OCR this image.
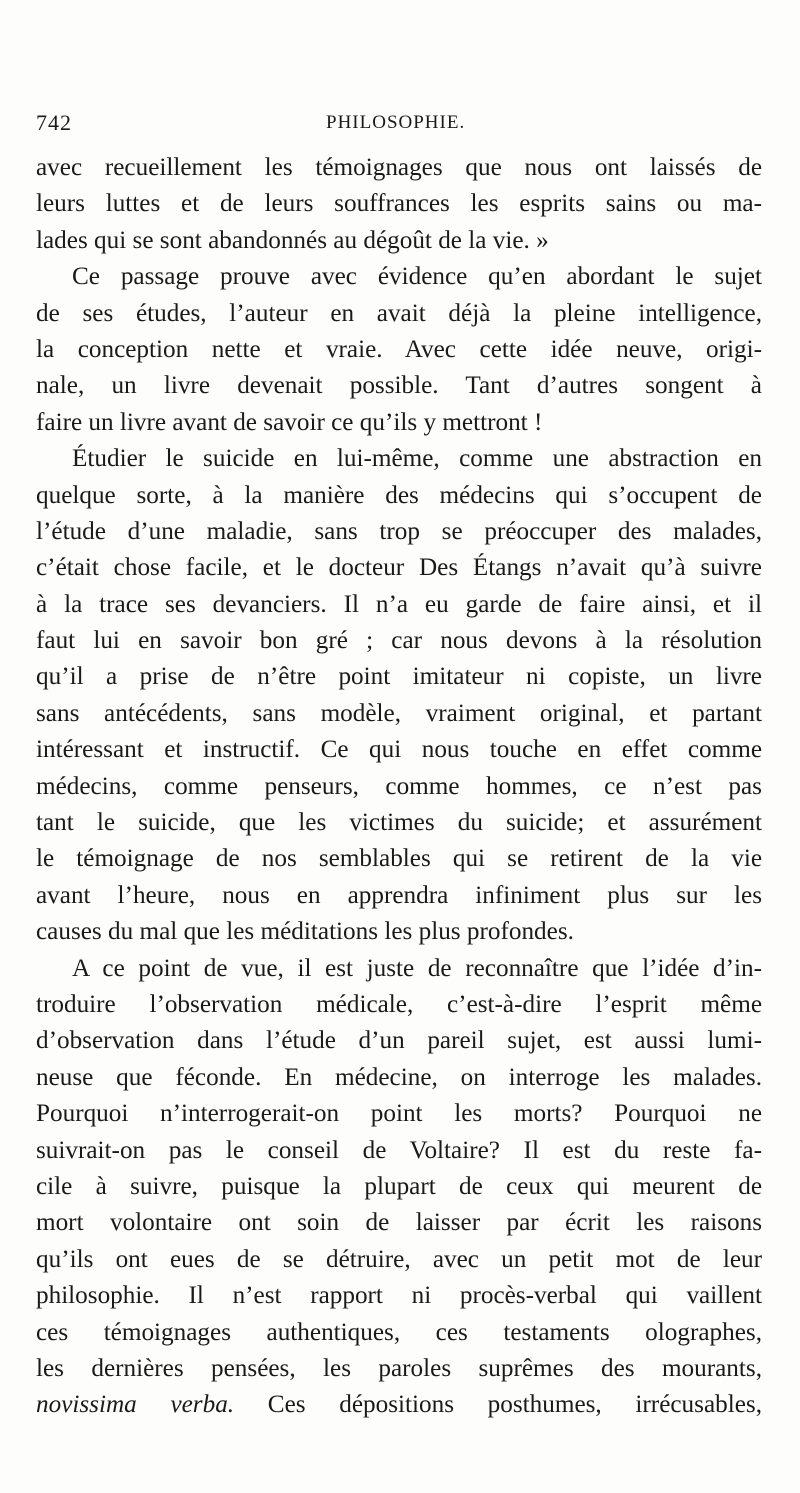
742	PHILOSOPHIE.
avec recueillement les témoignages que nous ont laissés de
leurs luttes et de leurs souffrances les esprits sains ou ma-
lades qui se sont abandonnés au dégoût de la vie. »
Ce passage prouve avec évidence qu’en abordant le sujet
de ses études, l’auteur en avait déjà la pleine intelligence,
la conception nette et vraie. Avec cette idée neuve, origi-
nale, un livre devenait possible. Tant d’autres songent à
faire un livre avant de savoir ce qu’ils y mettront !
Étudier le suicide en lui-même, comme une abstraction en
quelque sorte, à la manière des médecins qui s’occupent de
l’étude d’une maladie, sans trop se préoccuper des malades,
c’était chose facile, et le docteur Des Étangs n’avait qu’à suivre
à la trace ses devanciers. Il n’a eu garde de faire ainsi, et il
faut lui en savoir bon gré ; car nous devons à la résolution
qu’il a prise de n’être point imitateur ni copiste, un livre
sans antécédents, sans modèle, vraiment original, et partant
intéressant et instructif. Ce qui nous touche en effet comme
médecins, comme penseurs, comme hommes, ce n’est pas
tant le suicide, que les victimes du suicide; et assurément
le témoignage de nos semblables qui se retirent de la vie
avant l’heure, nous en apprendra infiniment plus sur les
causes du mal que les méditations les plus profondes.
A ce point de vue, il est juste de reconnaître que l’idée d’in-
troduire l’observation médicale, c’est-à-dire l’esprit même
d’observation dans l’étude d’un pareil sujet, est aussi lumi-
neuse que féconde. En médecine, on interroge les malades.
Pourquoi n’interrogerait-on point les morts? Pourquoi ne
suivrait-on pas le conseil de Voltaire? Il est du reste fa-
cile à suivre, puisque la plupart de ceux qui meurent de
mort volontaire ont soin de laisser par écrit les raisons
qu’ils ont eues de se détruire, avec un petit mot de leur
philosophie. Il n’est rapport ni procès-verbal qui vaillent
ces témoignages authentiques, ces testaments olographes,
les dernières pensées, les paroles suprêmes des mourants,
novissima verba. Ces dépositions posthumes, irrécusables,
